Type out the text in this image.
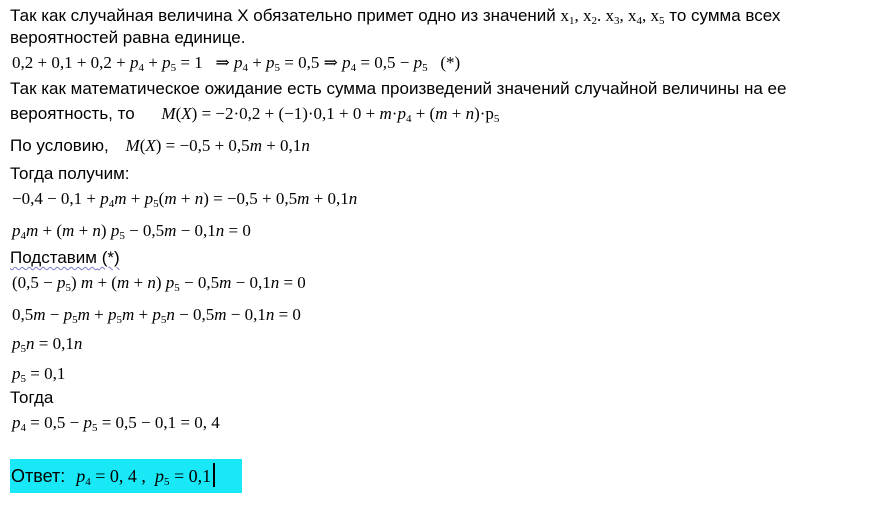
Так как случайная величина X обязательно примет одно из значений $x_1$, $x_2$. $x_3$, $x_4$, $x_5$ то сумма всех
вероятностей равна единице.
$0,2 + 0,1 + 0,2 + p_4 + p_5 = 1$   ⇒ $p_4 + p_5 = 0,5$ ⇒ $p_4 = 0,5 - p_5$   (*)
Так как математическое ожидание есть сумма произведений значений случайной величины на ее
вероятность, то $M(X) = -2\cdot 0,2 + (-1)\cdot 0,1 + 0 + m\cdot p_4 + (m + n)\cdot p_5$
По условию, M(X) = −0,5 + 0,5m + 0,1n
Тогда получим:
$-0,4 - 0,1 + p_4m + p_5(m + n) = -0,5 + 0,5m + 0,1n$
$p_4m + (m + n) p_5 - 0,5m - 0,1n = 0$
Подставим (*)
$(0,5 - p_5)$ m + (m + n) $p_5 - 0,5m - 0,1n = 0$
$0,5m - p_5m + p_5m + p_5n - 0,5m - 0,1n = 0$
$p_5n = 0,1n$
$p_5 = 0,1$
Тогда
$p_4 = 0,5 - p_5 = 0,5 - 0,1 = 0$, 4
Ответ: $p_4 = 0$, 4 ,  $p_5 = 0,1$
